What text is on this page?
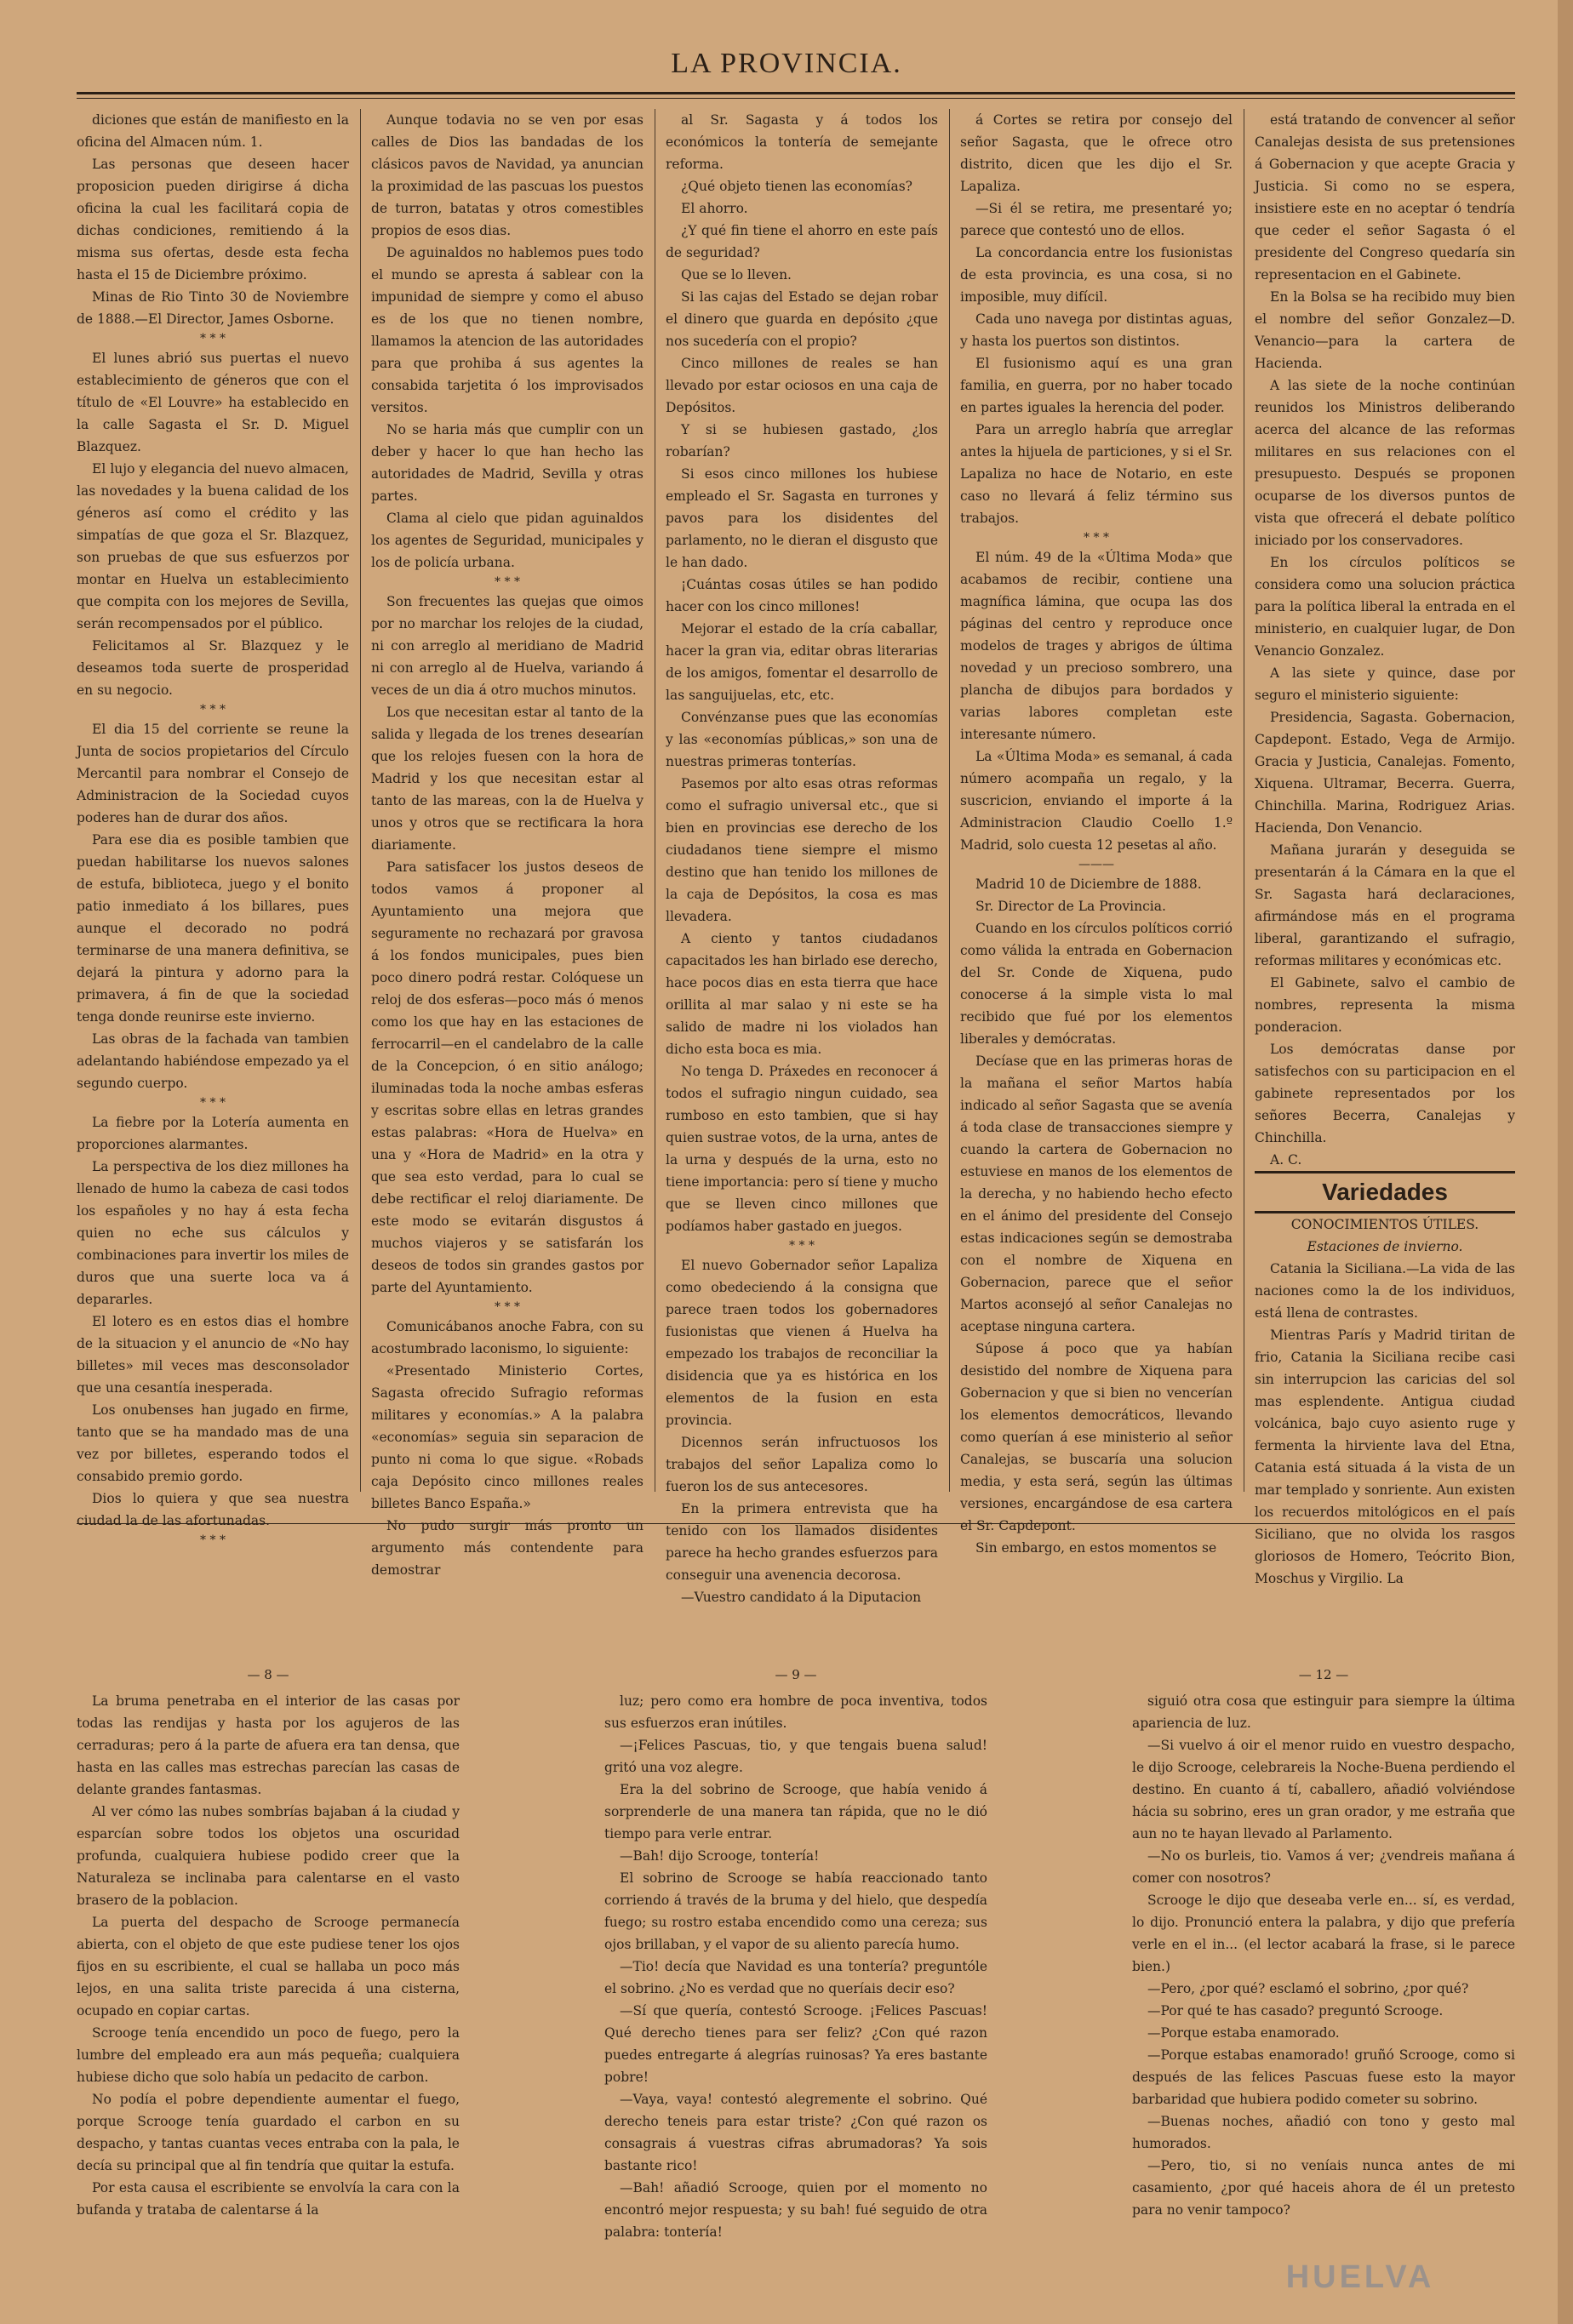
LA PROVINCIA.

diciones que están de manifiesto en la oficina del Almacen núm. 1.

Las personas que deseen hacer proposicion pueden dirigirse á dicha oficina la cual les facilitará copia de dichas condiciones, remitiendo á la misma sus ofertas, desde esta fecha hasta el 15 de Diciembre próximo.

Minas de Rio Tinto 30 de Noviembre de 1888.—El Director, James Osborne.

* * *

El lunes abrió sus puertas el nuevo establecimiento de géneros que con el título de «El Louvre» ha establecido en la calle Sagasta el Sr. D. Miguel Blazquez.

El lujo y elegancia del nuevo almacen, las novedades y la buena calidad de los géneros así como el crédito y las simpatías de que goza el Sr. Blazquez, son pruebas de que sus esfuerzos por montar en Huelva un establecimiento que compita con los mejores de Sevilla, serán recompensados por el público.

Felicitamos al Sr. Blazquez y le deseamos toda suerte de prosperidad en su negocio.

* * *

El dia 15 del corriente se reune la Junta de socios propietarios del Círculo Mercantil para nombrar el Consejo de Administracion de la Sociedad cuyos poderes han de durar dos años.

Para ese dia es posible tambien que puedan habilitarse los nuevos salones de estufa, biblioteca, juego y el bonito patio inmediato á los billares, pues aunque el decorado no podrá terminarse de una manera definitiva, se dejará la pintura y adorno para la primavera, á fin de que la sociedad tenga donde reunirse este invierno.

Las obras de la fachada van tambien adelantando habiéndose empezado ya el segundo cuerpo.

* * *

La fiebre por la Lotería aumenta en proporciones alarmantes.

La perspectiva de los diez millones ha llenado de humo la cabeza de casi todos los españoles y no hay á esta fecha quien no eche sus cálculos y combinaciones para invertir los miles de duros que una suerte loca va á depararles.

El lotero es en estos dias el hombre de la situacion y el anuncio de «No hay billetes» mil veces mas desconsolador que una cesantía inesperada.

Los onubenses han jugado en firme, tanto que se ha mandado mas de una vez por billetes, esperando todos el consabido premio gordo.

Dios lo quiera y que sea nuestra ciudad la de las afortunadas.

* * *

Aunque todavia no se ven por esas calles de Dios las bandadas de los clásicos pavos de Navidad, ya anuncian la proximidad de las pascuas los puestos de turron, batatas y otros comestibles propios de esos dias.

De aguinaldos no hablemos pues todo el mundo se apresta á sablear con la impunidad de siempre y como el abuso es de los que no tienen nombre, llamamos la atencion de las autoridades para que prohiba á sus agentes la consabida tarjetita ó los improvisados versitos.

No se haria más que cumplir con un deber y hacer lo que han hecho las autoridades de Madrid, Sevilla y otras partes.

Clama al cielo que pidan aguinaldos los agentes de Seguridad, municipales y los de policía urbana.

* * *

Son frecuentes las quejas que oimos por no marchar los relojes de la ciudad, ni con arreglo al meridiano de Madrid ni con arreglo al de Huelva, variando á veces de un dia á otro muchos minutos.

Los que necesitan estar al tanto de la salida y llegada de los trenes desearían que los relojes fuesen con la hora de Madrid y los que necesitan estar al tanto de las mareas, con la de Huelva y unos y otros que se rectificara la hora diariamente.

Para satisfacer los justos deseos de todos vamos á proponer al Ayuntamiento una mejora que seguramente no rechazará por gravosa á los fondos municipales, pues bien poco dinero podrá restar. Colóquese un reloj de dos esferas—poco más ó menos como los que hay en las estaciones de ferrocarril—en el candelabro de la calle de la Concepcion, ó en sitio análogo; iluminadas toda la noche ambas esferas y escritas sobre ellas en letras grandes estas palabras: «Hora de Huelva» en una y «Hora de Madrid» en la otra y que sea esto verdad, para lo cual se debe rectificar el reloj diariamente. De este modo se evitarán disgustos á muchos viajeros y se satisfarán los deseos de todos sin grandes gastos por parte del Ayuntamiento.

* * *

Comunicábanos anoche Fabra, con su acostumbrado laconismo, lo siguiente:

«Presentado Ministerio Cortes, Sagasta ofrecido Sufragio reformas militares y economías.» A la palabra «economías» seguia sin separacion de punto ni coma lo que sigue. «Robads caja Depósito cinco millones reales billetes Banco España.»

No pudo surgir más pronto un argumento más contendente para demostrar

al Sr. Sagasta y á todos los económicos la tontería de semejante reforma.

¿Qué objeto tienen las economías?

El ahorro.

¿Y qué fin tiene el ahorro en este país de seguridad?

Que se lo lleven.

Si las cajas del Estado se dejan robar el dinero que guarda en depósito ¿que nos sucedería con el propio?

Cinco millones de reales se han llevado por estar ociosos en una caja de Depósitos.

Y si se hubiesen gastado, ¿los robarían?

Si esos cinco millones los hubiese empleado el Sr. Sagasta en turrones y pavos para los disidentes del parlamento, no le dieran el disgusto que le han dado.

¡Cuántas cosas útiles se han podido hacer con los cinco millones!

Mejorar el estado de la cría caballar, hacer la gran via, editar obras literarias de los amigos, fomentar el desarrollo de las sanguijuelas, etc, etc.

Convénzanse pues que las economías y las «economías públicas,» son una de nuestras primeras tonterías.

Pasemos por alto esas otras reformas como el sufragio universal etc., que si bien en provincias ese derecho de los ciudadanos tiene siempre el mismo destino que han tenido los millones de la caja de Depósitos, la cosa es mas llevadera.

A ciento y tantos ciudadanos capacitados les han birlado ese derecho, hace pocos dias en esta tierra que hace orillita al mar salao y ni este se ha salido de madre ni los violados han dicho esta boca es mia.

No tenga D. Práxedes en reconocer á todos el sufragio ningun cuidado, sea rumboso en esto tambien, que si hay quien sustrae votos, de la urna, antes de la urna y después de la urna, esto no tiene importancia: pero sí tiene y mucho que se lleven cinco millones que podíamos haber gastado en juegos.

* * *

El nuevo Gobernador señor Lapaliza como obedeciendo á la consigna que parece traen todos los gobernadores fusionistas que vienen á Huelva ha empezado los trabajos de reconciliar la disidencia que ya es histórica en los elementos de la fusion en esta provincia.

Dicennos serán infructuosos los trabajos del señor Lapaliza como lo fueron los de sus antecesores.

En la primera entrevista que ha tenido con los llamados disidentes parece ha hecho grandes esfuerzos para conseguir una avenencia decorosa.

—Vuestro candidato á la Diputacion

á Cortes se retira por consejo del señor Sagasta, que le ofrece otro distrito, dicen que les dijo el Sr. Lapaliza.

—Si él se retira, me presentaré yo; parece que contestó uno de ellos.

La concordancia entre los fusionistas de esta provincia, es una cosa, si no imposible, muy difícil.

Cada uno navega por distintas aguas, y hasta los puertos son distintos.

El fusionismo aquí es una gran familia, en guerra, por no haber tocado en partes iguales la herencia del poder.

Para un arreglo habría que arreglar antes la hijuela de particiones, y si el Sr. Lapaliza no hace de Notario, en este caso no llevará á feliz término sus trabajos.

* * *

El núm. 49 de la «Última Moda» que acabamos de recibir, contiene una magnífica lámina, que ocupa las dos páginas del centro y reproduce once modelos de trages y abrigos de última novedad y un precioso sombrero, una plancha de dibujos para bordados y varias labores completan este interesante número.

La «Última Moda» es semanal, á cada número acompaña un regalo, y la suscricion, enviando el importe á la Administracion Claudio Coello 1.º Madrid, solo cuesta 12 pesetas al año.

———

Madrid 10 de Diciembre de 1888.

Sr. Director de La Provincia.

Cuando en los círculos políticos corrió como válida la entrada en Gobernacion del Sr. Conde de Xiquena, pudo conocerse á la simple vista lo mal recibido que fué por los elementos liberales y demócratas.

Decíase que en las primeras horas de la mañana el señor Martos había indicado al señor Sagasta que se avenía á toda clase de transacciones siempre y cuando la cartera de Gobernacion no estuviese en manos de los elementos de la derecha, y no habiendo hecho efecto en el ánimo del presidente del Consejo estas indicaciones según se demostraba con el nombre de Xiquena en Gobernacion, parece que el señor Martos aconsejó al señor Canalejas no aceptase ninguna cartera.

Súpose á poco que ya habían desistido del nombre de Xiquena para Gobernacion y que si bien no vencerían los elementos democráticos, llevando como querían á ese ministerio al señor Canalejas, se buscaría una solucion media, y esta será, según las últimas versiones, encargándose de esa cartera el Sr. Capdepont.

Sin embargo, en estos momentos se

está tratando de convencer al señor Canalejas desista de sus pretensiones á Gobernacion y que acepte Gracia y Justicia. Si como no se espera, insistiere este en no aceptar ó tendría que ceder el señor Sagasta ó el presidente del Congreso quedaría sin representacion en el Gabinete.

En la Bolsa se ha recibido muy bien el nombre del señor Gonzalez—D. Venancio—para la cartera de Hacienda.

A las siete de la noche continúan reunidos los Ministros deliberando acerca del alcance de las reformas militares en sus relaciones con el presupuesto. Después se proponen ocuparse de los diversos puntos de vista que ofrecerá el debate político iniciado por los conservadores.

En los círculos políticos se considera como una solucion práctica para la política liberal la entrada en el ministerio, en cualquier lugar, de Don Venancio Gonzalez.

A las siete y quince, dase por seguro el ministerio siguiente:

Presidencia, Sagasta. Gobernacion, Capdepont. Estado, Vega de Armijo. Gracia y Justicia, Canalejas. Fomento, Xiquena. Ultramar, Becerra. Guerra, Chinchilla. Marina, Rodriguez Arias. Hacienda, Don Venancio.

Mañana jurarán y deseguida se presentarán á la Cámara en la que el Sr. Sagasta hará declaraciones, afirmándose más en el programa liberal, garantizando el sufragio, reformas militares y económicas etc.

El Gabinete, salvo el cambio de nombres, representa la misma ponderacion.

Los demócratas danse por satisfechos con su participacion en el gabinete representados por los señores Becerra, Canalejas y Chinchilla.

A. C.

Variedades

CONOCIMIENTOS ÚTILES.

Estaciones de invierno.

Catania la Siciliana.—La vida de las naciones como la de los individuos, está llena de contrastes.

Mientras París y Madrid tiritan de frio, Catania la Siciliana recibe casi sin interrupcion las caricias del sol mas esplendente. Antigua ciudad volcánica, bajo cuyo asiento ruge y fermenta la hirviente lava del Etna, Catania está situada á la vista de un mar templado y sonriente. Aun existen los recuerdos mitológicos en el país Siciliano, que no olvida los rasgos gloriosos de Homero, Teócrito Bion, Moschus y Virgilio. La

— 8 —

La bruma penetraba en el interior de las casas por todas las rendijas y hasta por los agujeros de las cerraduras; pero á la parte de afuera era tan densa, que hasta en las calles mas estrechas parecían las casas de delante grandes fantasmas.

Al ver cómo las nubes sombrías bajaban á la ciudad y esparcían sobre todos los objetos una oscuridad profunda, cualquiera hubiese podido creer que la Naturaleza se inclinaba para calentarse en el vasto brasero de la poblacion.

La puerta del despacho de Scrooge permanecía abierta, con el objeto de que este pudiese tener los ojos fijos en su escribiente, el cual se hallaba un poco más lejos, en una salita triste parecida á una cisterna, ocupado en copiar cartas.

Scrooge tenía encendido un poco de fuego, pero la lumbre del empleado era aun más pequeña; cualquiera hubiese dicho que solo había un pedacito de carbon.

No podía el pobre dependiente aumentar el fuego, porque Scrooge tenía guardado el carbon en su despacho, y tantas cuantas veces entraba con la pala, le decía su principal que al fin tendría que quitar la estufa.

Por esta causa el escribiente se envolvía la cara con la bufanda y trataba de calentarse á la

— 9 —

luz; pero como era hombre de poca inventiva, todos sus esfuerzos eran inútiles.

—¡Felices Pascuas, tio, y que tengais buena salud! gritó una voz alegre.

Era la del sobrino de Scrooge, que había venido á sorprenderle de una manera tan rápida, que no le dió tiempo para verle entrar.

—Bah! dijo Scrooge, tontería!

El sobrino de Scrooge se había reaccionado tanto corriendo á través de la bruma y del hielo, que despedía fuego; su rostro estaba encendido como una cereza; sus ojos brillaban, y el vapor de su aliento parecía humo.

—Tio! decía que Navidad es una tontería? preguntóle el sobrino. ¿No es verdad que no queríais decir eso?

—Sí que quería, contestó Scrooge. ¡Felices Pascuas! Qué derecho tienes para ser feliz? ¿Con qué razon puedes entregarte á alegrías ruinosas? Ya eres bastante pobre!

—Vaya, vaya! contestó alegremente el sobrino. Qué derecho teneis para estar triste? ¿Con qué razon os consagrais á vuestras cifras abrumadoras? Ya sois bastante rico!

—Bah! añadió Scrooge, quien por el momento no encontró mejor respuesta; y su bah! fué seguido de otra palabra: tontería!

— 12 —

siguió otra cosa que estinguir para siempre la última apariencia de luz.

—Si vuelvo á oir el menor ruido en vuestro despacho, le dijo Scrooge, celebrareis la Noche-Buena perdiendo el destino. En cuanto á tí, caballero, añadió volviéndose hácia su sobrino, eres un gran orador, y me estraña que aun no te hayan llevado al Parlamento.

—No os burleis, tio. Vamos á ver; ¿vendreis mañana á comer con nosotros?

Scrooge le dijo que deseaba verle en... sí, es verdad, lo dijo. Pronunció entera la palabra, y dijo que prefería verle en el in... (el lector acabará la frase, si le parece bien.)

—Pero, ¿por qué? esclamó el sobrino, ¿por qué?

—Por qué te has casado? preguntó Scrooge.

—Porque estaba enamorado.

—Porque estabas enamorado! gruñó Scrooge, como si después de las felices Pascuas fuese esto la mayor barbaridad que hubiera podido cometer su sobrino.

—Buenas noches, añadió con tono y gesto mal humorados.

—Pero, tio, si no veníais nunca antes de mi casamiento, ¿por qué haceis ahora de él un pretesto para no venir tampoco?

HUELVA
